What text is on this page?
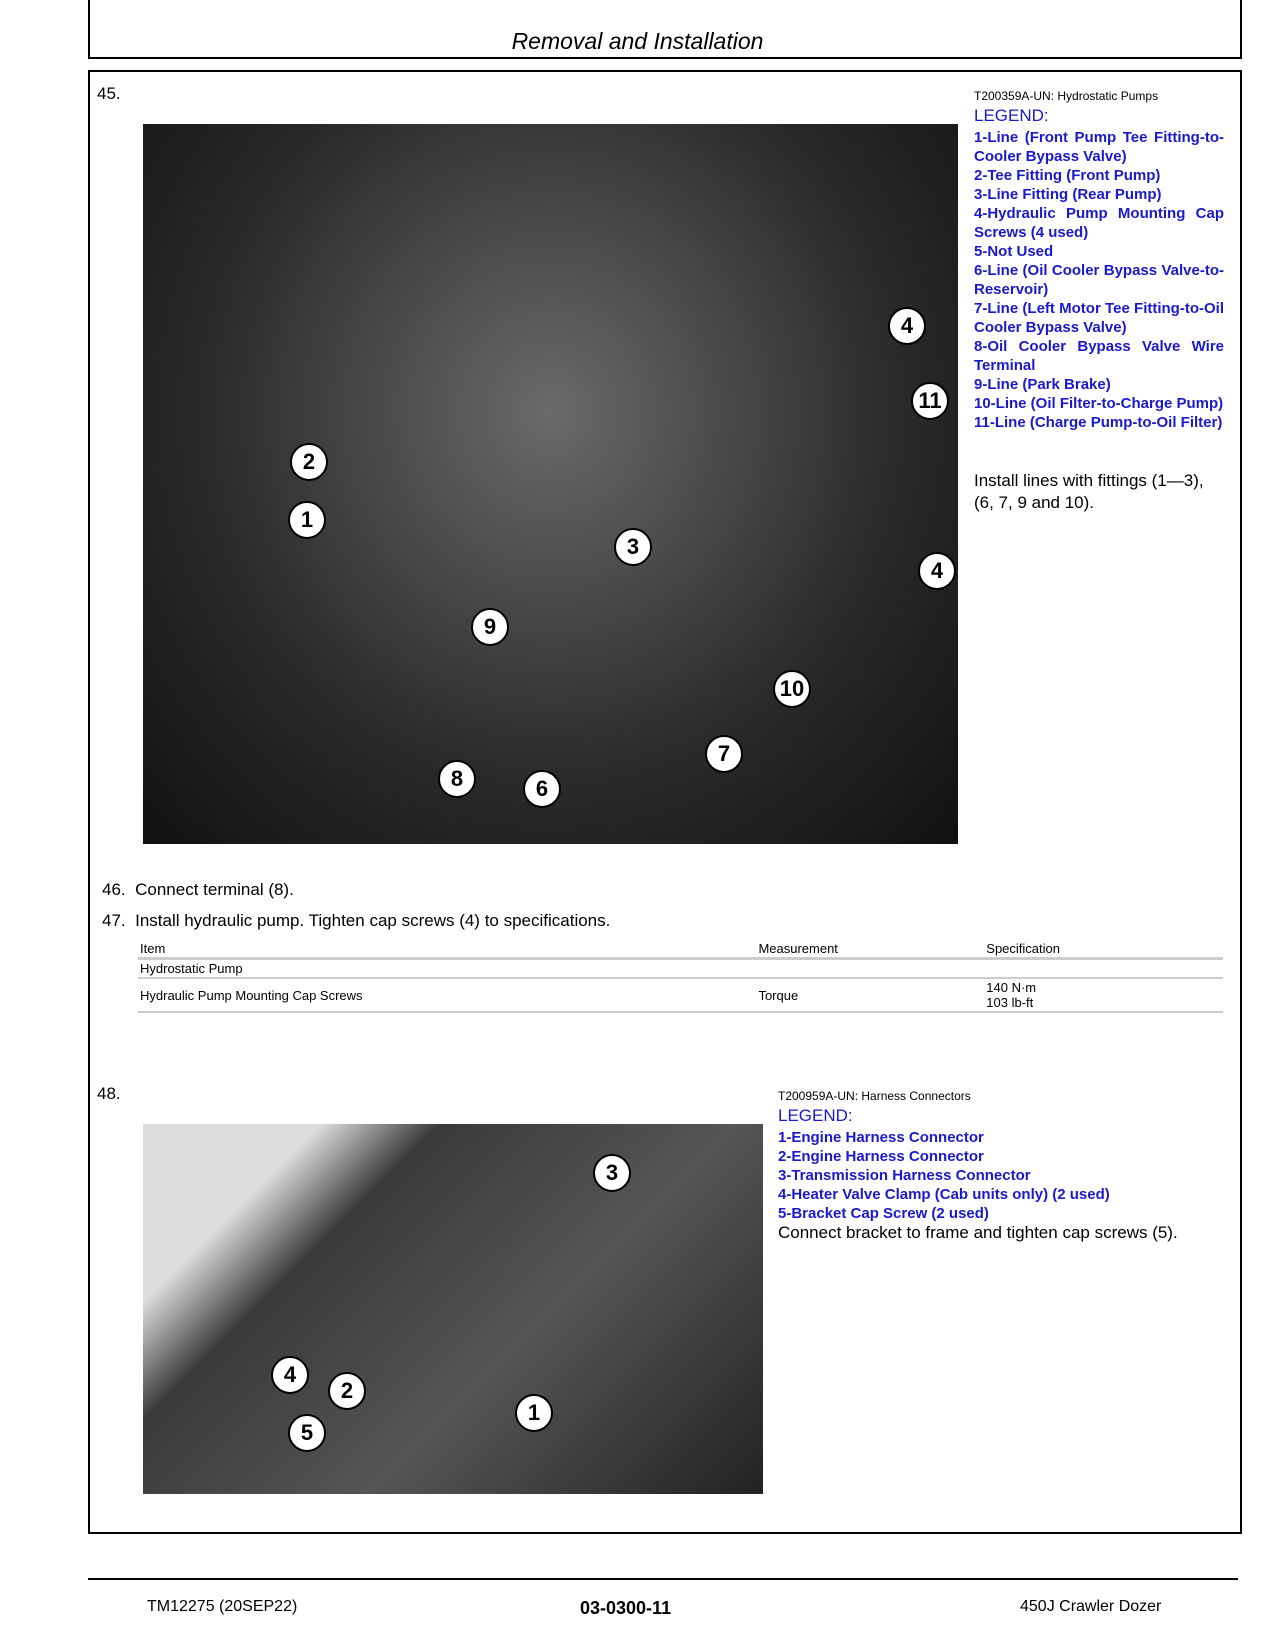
Removal and Installation
45.
4
11
2
1
3
4
9
10
7
8	6
T200359A-UN: Hydrostatic Pumps
LEGEND:
1-Line (Front Pump Tee Fitting-to-Cooler Bypass Valve)
2-Tee Fitting (Front Pump)
3-Line Fitting (Rear Pump)
4-Hydraulic Pump Mounting Cap Screws (4 used)
5-Not Used
6-Line (Oil Cooler Bypass Valve-to-Reservoir)
7-Line (Left Motor Tee Fitting-to-Oil Cooler Bypass Valve)
8-Oil Cooler Bypass Valve Wire Terminal
9-Line (Park Brake)
10-Line (Oil Filter-to-Charge Pump)
11-Line (Charge Pump-to-Oil Filter)
Install lines with fittings (1—3), (6, 7, 9 and 10).
46. Connect terminal (8).
47. Install hydraulic pump. Tighten cap screws (4) to specifications.
Item	Measurement	Specification
Hydrostatic Pump		
Hydraulic Pump Mounting Cap Screws	Torque	140 N·m
103 lb-ft
48.
3
4
2
5
1
T200959A-UN: Harness Connectors
LEGEND:
1-Engine Harness Connector
2-Engine Harness Connector
3-Transmission Harness Connector
4-Heater Valve Clamp (Cab units only) (2 used)
5-Bracket Cap Screw (2 used)
Connect bracket to frame and tighten cap screws (5).
TM12275 (20SEP22)	03-0300-11	450J Crawler Dozer
